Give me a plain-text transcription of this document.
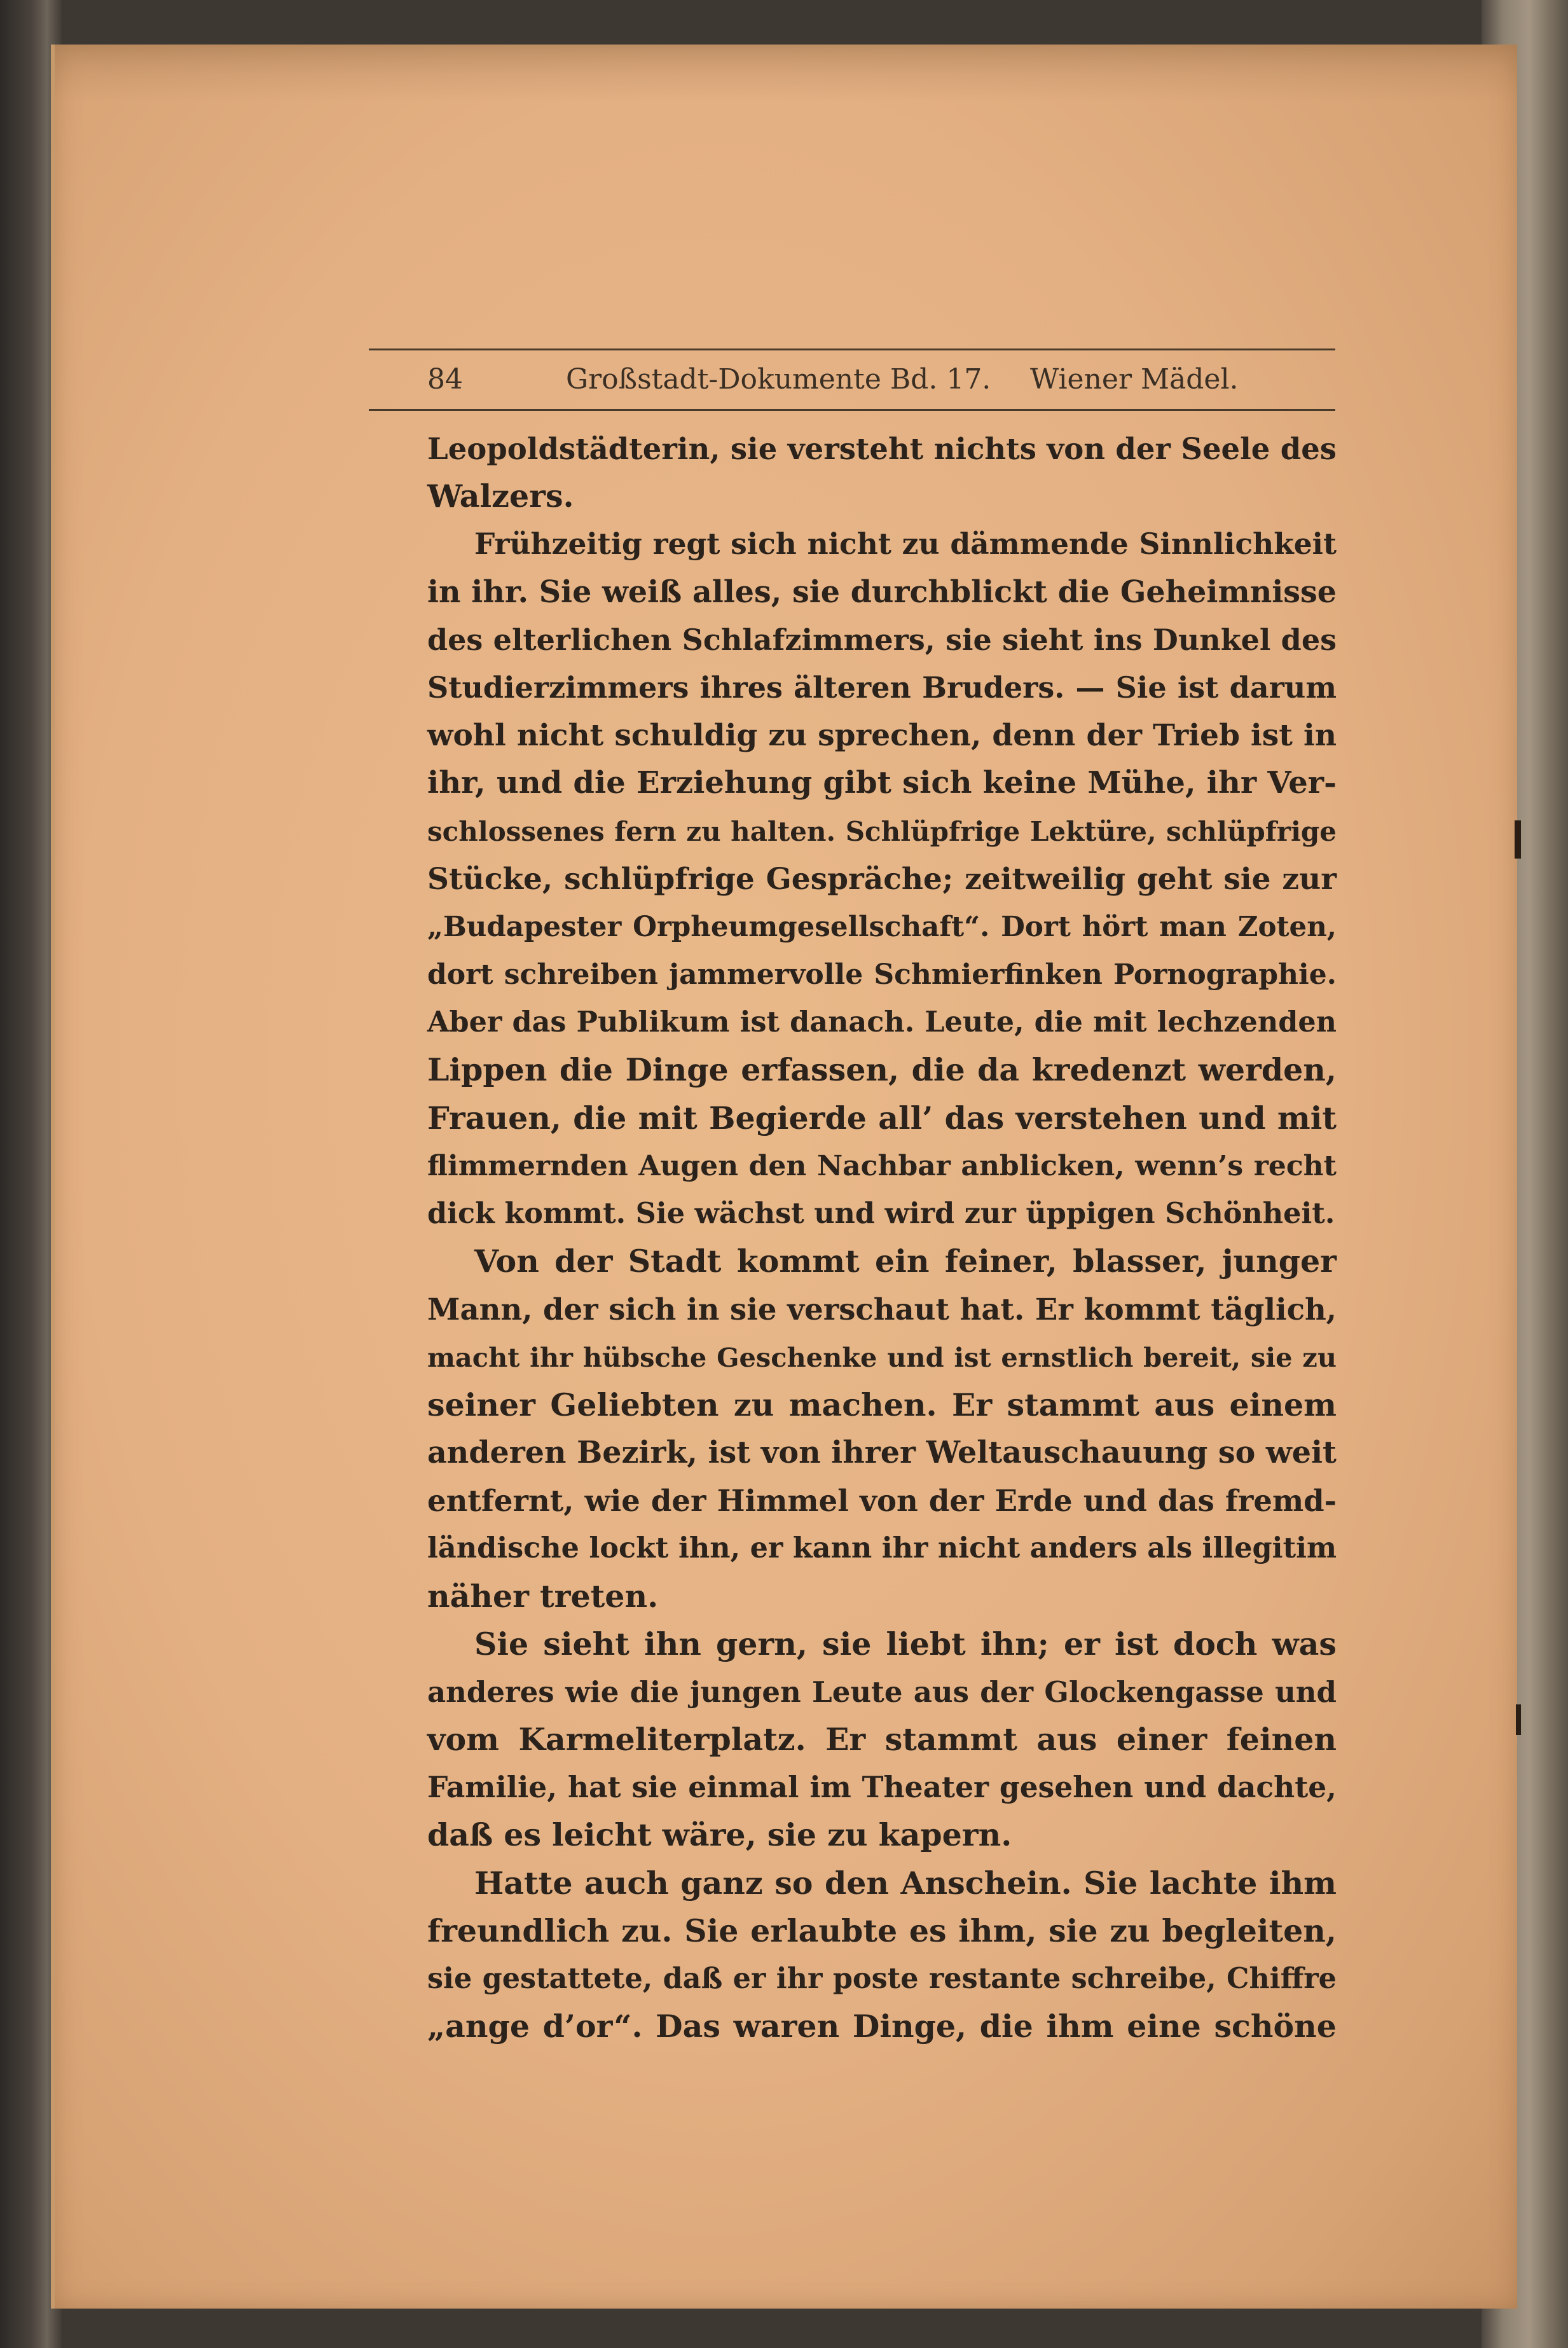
84	Großstadt-Dokumente Bd. 17. Wiener Mädel.
Leopoldstädterin, sie versteht nichts von der Seele des
Walzers.
Frühzeitig regt sich nicht zu dämmende Sinnlichkeit
in ihr. Sie weiß alles, sie durchblickt die Geheimnisse
des elterlichen Schlafzimmers, sie sieht ins Dunkel des
Studierzimmers ihres älteren Bruders. — Sie ist darum
wohl nicht schuldig zu sprechen, denn der Trieb ist in
ihr, und die Erziehung gibt sich keine Mühe, ihr Ver-
schlossenes fern zu halten. Schlüpfrige Lektüre, schlüpfrige
Stücke, schlüpfrige Gespräche; zeitweilig geht sie zur
„Budapester Orpheumgesellschaft“. Dort hört man Zoten,
dort schreiben jammervolle Schmierfinken Pornographie.
Aber das Publikum ist danach. Leute, die mit lechzenden
Lippen die Dinge erfassen, die da kredenzt werden,
Frauen, die mit Begierde all’ das verstehen und mit
flimmernden Augen den Nachbar anblicken, wenn’s recht
dick kommt. Sie wächst und wird zur üppigen Schönheit.
Von der Stadt kommt ein feiner, blasser, junger
Mann, der sich in sie verschaut hat. Er kommt täglich,
macht ihr hübsche Geschenke und ist ernstlich bereit, sie zu
seiner Geliebten zu machen. Er stammt aus einem
anderen Bezirk, ist von ihrer Weltauschauung so weit
entfernt, wie der Himmel von der Erde und das fremd-
ländische lockt ihn, er kann ihr nicht anders als illegitim
näher treten.
Sie sieht ihn gern, sie liebt ihn; er ist doch was
anderes wie die jungen Leute aus der Glockengasse und
vom Karmeliterplatz. Er stammt aus einer feinen
Familie, hat sie einmal im Theater gesehen und dachte,
daß es leicht wäre, sie zu kapern.
Hatte auch ganz so den Anschein. Sie lachte ihm
freundlich zu. Sie erlaubte es ihm, sie zu begleiten,
sie gestattete, daß er ihr poste restante schreibe, Chiffre
„ange d’or“. Das waren Dinge, die ihm eine schöne
